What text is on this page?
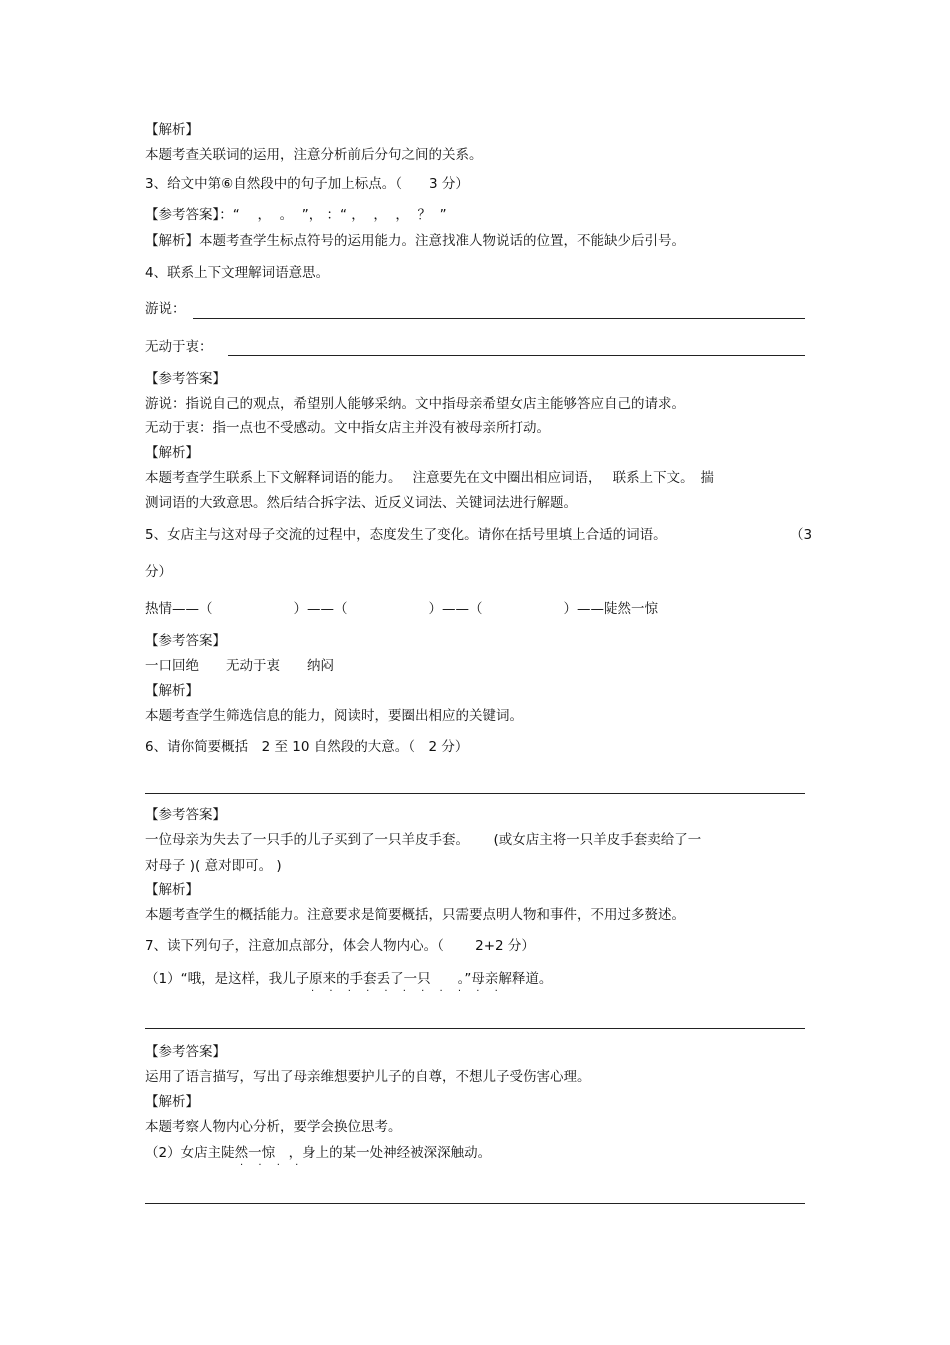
【解析】
本题考查关联词的运用，注意分析前后分句之间的关系。
3、给文中第⑥自然段中的句子加上标点。（　　3 分）
【参考答案】：“　 ，  。  ”， ：“ ，  ，  ，  ？  ”
【解析】本题考查学生标点符号的运用能力。注意找准人物说话的位置，不能缺少后引号。
4、联系上下文理解词语意思。
游说：
无动于衷：
【参考答案】
游说：指说自己的观点，希望别人能够采纳。文中指母亲希望女店主能够答应自己的请求。
无动于衷：指一点也不受感动。文中指女店主并没有被母亲所打动。
【解析】
本题考查学生联系上下文解释词语的能力。　 注意要先在文中圈出相应词语，　 联系上下文。　揣
测词语的大致意思。然后结合拆字法、近反义词法、关键词法进行解题。
5、女店主与这对母子交流的过程中，态度发生了变化。请你在括号里填上合适的词语。	（3
分）
热情——（　　　　　　）——（　　　　　　）——（　　　　　　）——陡然一惊
【参考答案】
一口回绝　　无动于衷　　纳闷
【解析】
本题考查学生筛选信息的能力，阅读时，要圈出相应的关键词。
6、请你简要概括　2 至 10 自然段的大意。（　2 分）
【参考答案】
一位母亲为失去了一只手的儿子买到了一只羊皮手套。　　 (或女店主将一只羊皮手套卖给了一
对母子 )( 意对即可。 )
【解析】
本题考查学生的概括能力。注意要求是简要概括，只需要点明人物和事件，不用过多赘述。
7、读下列句子，注意加点部分，体会人物内心。（　　 2+2 分）
（1）“哦，是这样，我儿子原来的手套丢了一只　　。”母亲解释道。
· · · · · · · · · · ·
【参考答案】
运用了语言描写，写出了母亲维想要护儿子的自尊，不想儿子受伤害心理。
【解析】
本题考察人物内心分析，要学会换位思考。
（2）女店主陡然一惊　，身上的某一处神经被深深触动。
· · · ·
